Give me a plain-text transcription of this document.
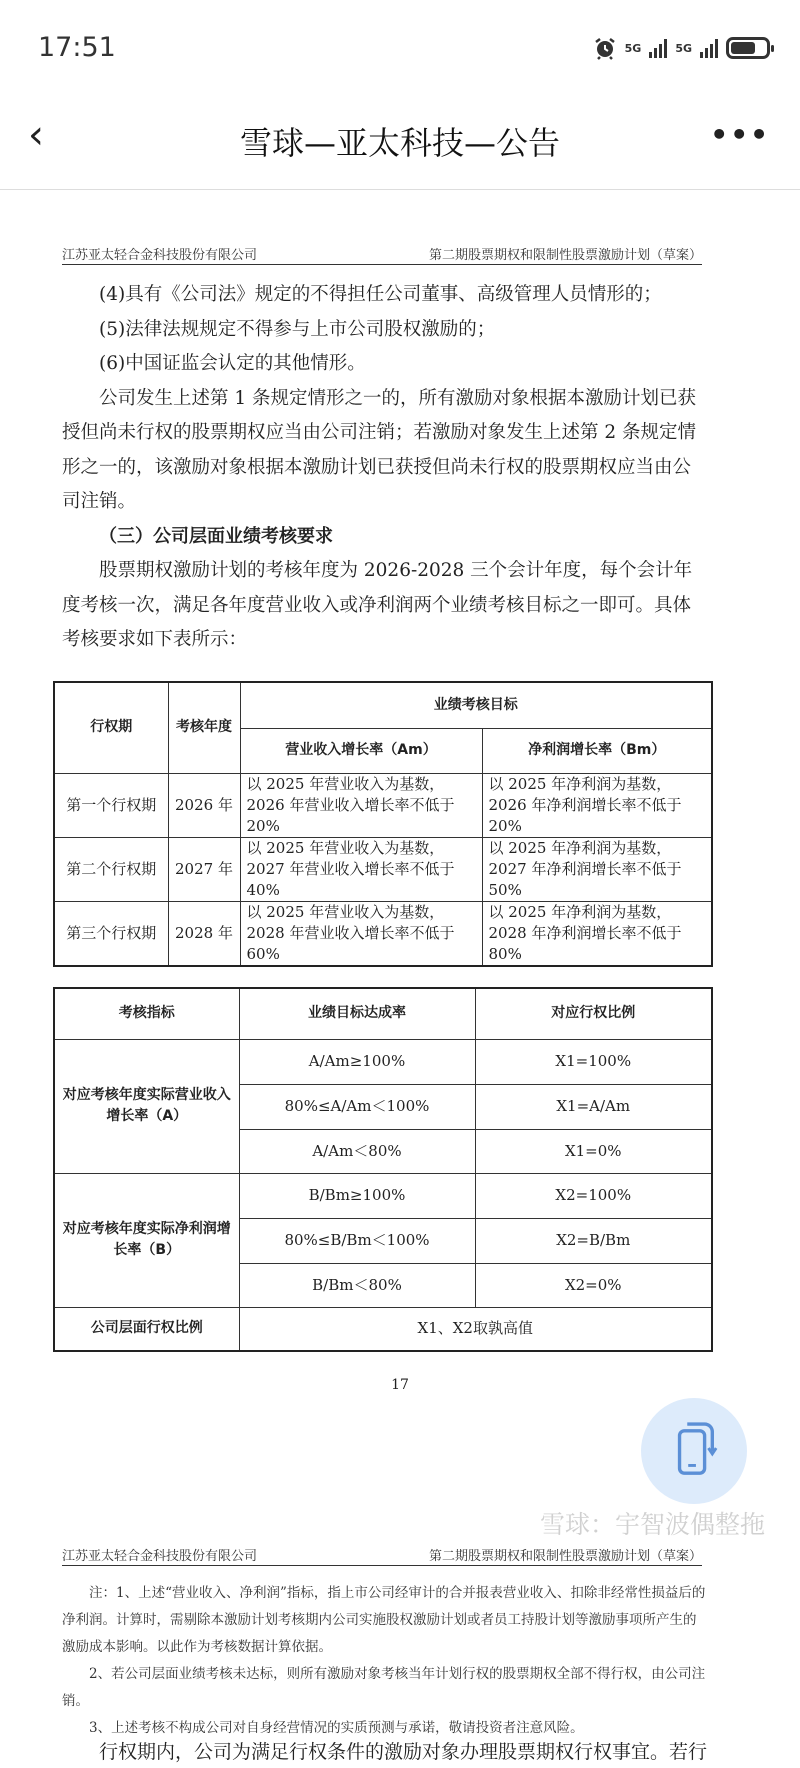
17:51	5G	5G
‹	雪球—亚太科技—公告	•••
江苏亚太轻合金科技股份有限公司	第二期股票期权和限制性股票激励计划（草案）
(4)具有《公司法》规定的不得担任公司董事、高级管理人员情形的；
(5)法律法规规定不得参与上市公司股权激励的；
(6)中国证监会认定的其他情形。
公司发生上述第 1 条规定情形之一的，所有激励对象根据本激励计划已获授但尚未行权的股票期权应当由公司注销；若激励对象发生上述第 2 条规定情形之一的，该激励对象根据本激励计划已获授但尚未行权的股票期权应当由公司注销。
（三）公司层面业绩考核要求
股票期权激励计划的考核年度为 2026-2028 三个会计年度，每个会计年度考核一次，满足各年度营业收入或净利润两个业绩考核目标之一即可。具体考核要求如下表所示：
行权期	考核年度	业绩考核目标	
		营业收入增长率（Am）	净利润增长率（Bm）
第一个行权期	2026 年	以 2025 年营业收入为基数，2026 年营业收入增长率不低于 20%	以 2025 年净利润为基数，2026 年净利润增长率不低于 20%
第二个行权期	2027 年	以 2025 年营业收入为基数，2027 年营业收入增长率不低于 40%	以 2025 年净利润为基数，2027 年净利润增长率不低于 50%
第三个行权期	2028 年	以 2025 年营业收入为基数，2028 年营业收入增长率不低于 60%	以 2025 年净利润为基数，2028 年净利润增长率不低于 80%
考核指标	业绩目标达成率	对应行权比例
对应考核年度实际营业收入增长率（A）	A/Am≥100%	X1=100%
	80%≤A/Am＜100%	X1=A/Am
	A/Am＜80%	X1=0%
对应考核年度实际净利润增长率（B）	B/Bm≥100%	X2=100%
	80%≤B/Bm＜100%	X2=B/Bm
	B/Bm＜80%	X2=0%
公司层面行权比例	X1、X2取孰高值	
17
雪球：宇智波偶整拖
江苏亚太轻合金科技股份有限公司	第二期股票期权和限制性股票激励计划（草案）
注：1、上述“营业收入、净利润”指标，指上市公司经审计的合并报表营业收入、扣除非经常性损益后的净利润。计算时，需剔除本激励计划考核期内公司实施股权激励计划或者员工持股计划等激励事项所产生的激励成本影响。以此作为考核数据计算依据。
2、若公司层面业绩考核未达标，则所有激励对象考核当年计划行权的股票期权全部不得行权，由公司注销。
3、上述考核不构成公司对自身经营情况的实质预测与承诺，敬请投资者注意风险。
行权期内，公司为满足行权条件的激励对象办理股票期权行权事宜。若行
